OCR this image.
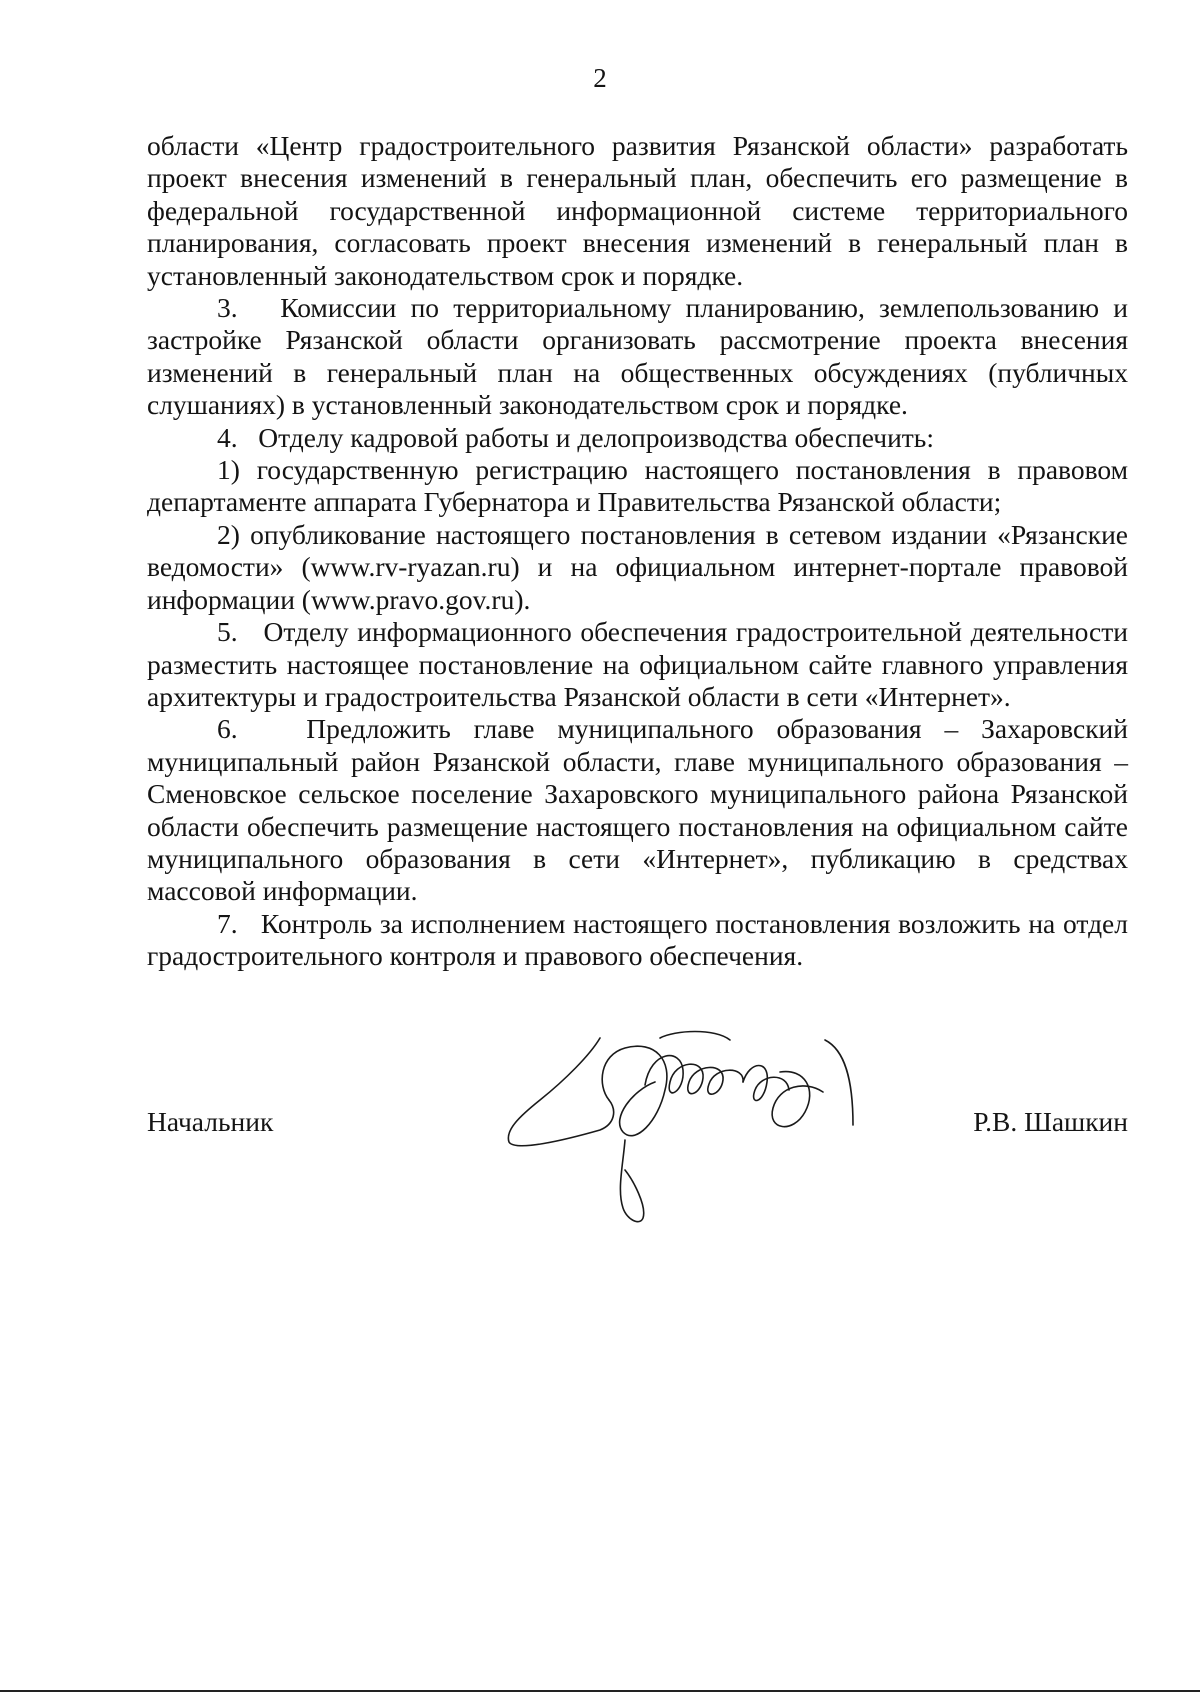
2

области «Центр градостроительного развития Рязанской области» разработать проект внесения изменений в генеральный план, обеспечить его размещение в федеральной государственной информационной системе территориального планирования, согласовать проект внесения изменений в генеральный план в установленный законодательством срок и порядке.

3.   Комиссии по территориальному планированию, землепользованию и застройке Рязанской области организовать рассмотрение проекта внесения изменений в генеральный план на общественных обсуждениях (публичных слушаниях) в установленный законодательством срок и порядке.

4.   Отделу кадровой работы и делопроизводства обеспечить:

1) государственную регистрацию настоящего постановления в правовом департаменте аппарата Губернатора и Правительства Рязанской области;

2) опубликование настоящего постановления в сетевом издании «Рязанские ведомости» (www.rv-ryazan.ru) и на официальном интернет-портале правовой информации (www.pravo.gov.ru).

5.   Отделу информационного обеспечения градостроительной деятельности разместить настоящее постановление на официальном сайте главного управления архитектуры и градостроительства Рязанской области в сети «Интернет».

6.   Предложить главе муниципального образования – Захаровский муниципальный район Рязанской области, главе муниципального образования – Сменовское сельское поселение Захаровского муниципального района Рязанской области обеспечить размещение настоящего постановления на официальном сайте муниципального образования в сети «Интернет», публикацию в средствах массовой информации.

7.   Контроль за исполнением настоящего постановления возложить на отдел градостроительного контроля и правового обеспечения.

Начальник	Р.В. Шашкин
